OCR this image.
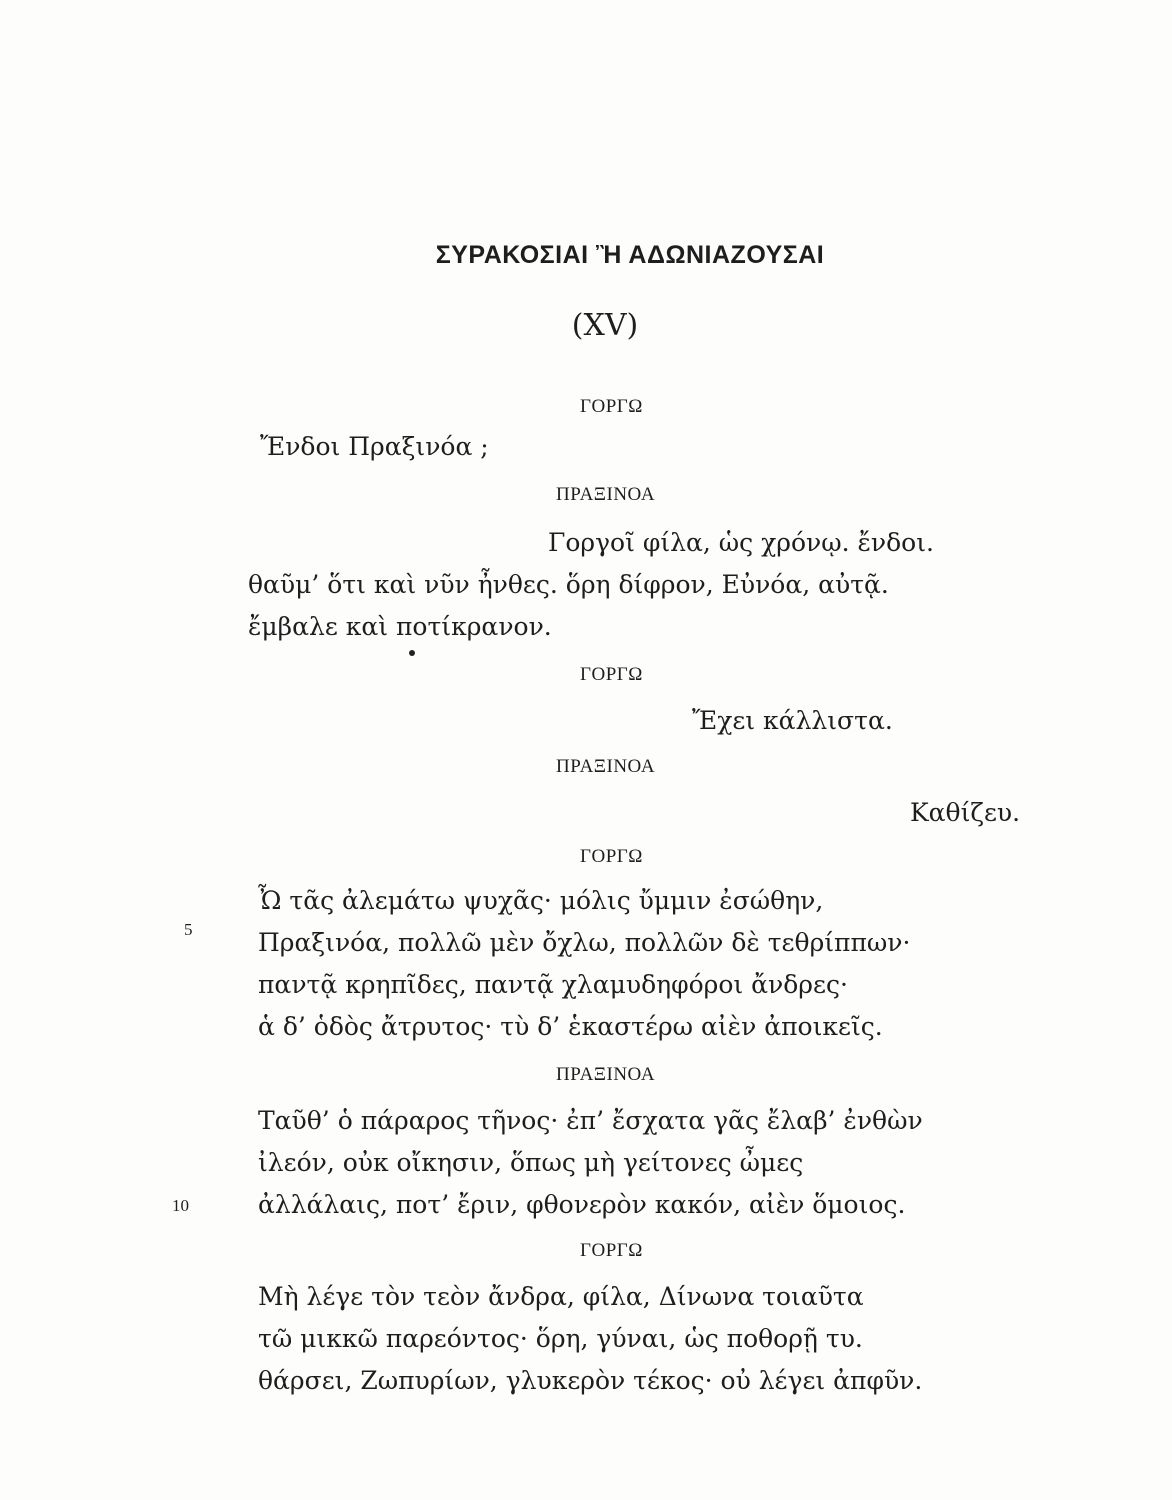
ΣΥΡΑΚΟΣΙΑΙ Ἢ ΑΔΩΝΙΑΖΟΥΣΑΙ
(XV)
ΓΟΡΓΩ
Ἔνδοι Πραξινόα ;
ΠΡΑΞΙΝΟΑ
Γοργοῖ φίλα, ὡς χρόνῳ. ἔνδοι.
θαῦμ’ ὅτι καὶ νῦν ἦνθες. ὅρη δίφρον, Εὐνόα, αὐτᾷ.
ἔμβαλε καὶ ποτίκρανον.
ΓΟΡΓΩ
Ἔχει κάλλιστα.
ΠΡΑΞΙΝΟΑ
Καθίζευ.
ΓΟΡΓΩ
Ὦ τᾶς ἀλεμάτω ψυχᾶς· μόλις ὔμμιν ἐσώθην,
5	Πραξινόα, πολλῶ μὲν ὄχλω, πολλῶν δὲ τεθρίππων·
παντᾷ κρηπῖδες, παντᾷ χλαμυδηφόροι ἄνδρες·
ἁ δ’ ὁδὸς ἄτρυτος· τὺ δ’ ἑκαστέρω αἰὲν ἀποικεῖς.
ΠΡΑΞΙΝΟΑ
Ταῦθ’ ὁ πάραρος τῆνος· ἐπ’ ἔσχατα γᾶς ἔλαβ’ ἐνθὼν
ἰλεόν, οὐκ οἴκησιν, ὅπως μὴ γείτονες ὦμες
10	ἀλλάλαις, ποτ’ ἔριν, φθονερὸν κακόν, αἰὲν ὅμοιος.
ΓΟΡΓΩ
Μὴ λέγε τὸν τεὸν ἄνδρα, φίλα, Δίνωνα τοιαῦτα
τῶ μικκῶ παρεόντος· ὅρη, γύναι, ὡς ποθορῇ τυ.
θάρσει, Ζωπυρίων, γλυκερὸν τέκος· οὐ λέγει ἀπφῦν.
